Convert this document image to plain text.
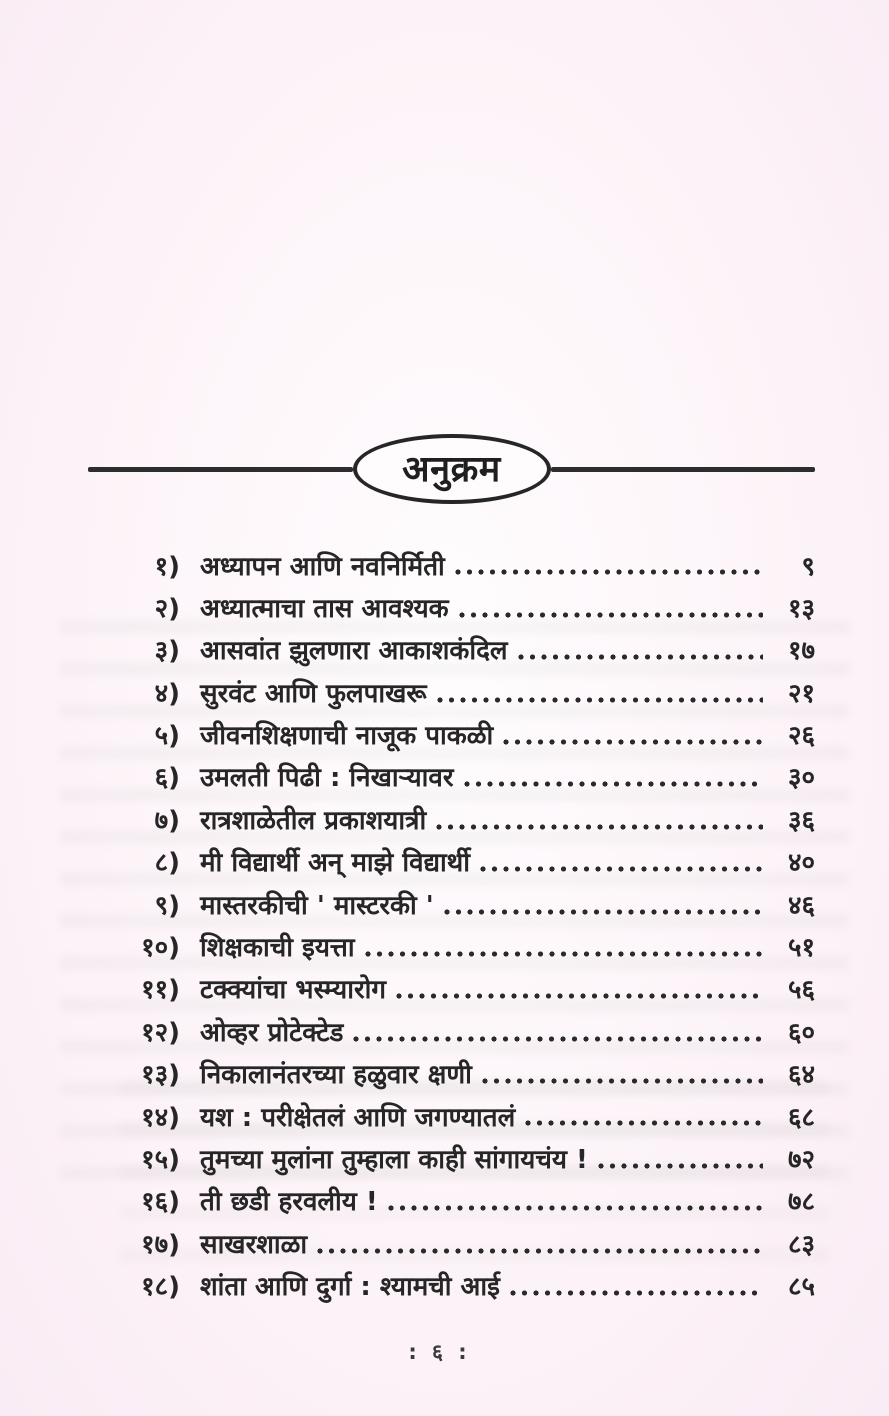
अनुक्रम
१) अध्यापन आणि नवनिर्मिती	९
२) अध्यात्माचा तास आवश्यक	१३
३) आसवांत झुलणारा आकाशकंदिल	१७
४) सुरवंट आणि फुलपाखरू	२१
५) जीवनशिक्षणाची नाजूक पाकळी	२६
६) उमलती पिढी : निखाऱ्यावर	३०
७) रात्रशाळेतील प्रकाशयात्री	३६
८) मी विद्यार्थी अन् माझे विद्यार्थी	४०
९) मास्तरकीची ' मास्टरकी '	४६
१०) शिक्षकाची इयत्ता	५१
११) टक्क्यांचा भस्म्यारोग	५६
१२) ओव्हर प्रोटेक्टेड	६०
१३) निकालानंतरच्या हळुवार क्षणी	६४
१४) यश : परीक्षेतलं आणि जगण्यातलं	६८
१५) तुमच्या मुलांना तुम्हाला काही सांगायचंय !	७२
१६) ती छडी हरवलीय !	७८
१७) साखरशाळा	८३
१८) शांता आणि दुर्गा : श्यामची आई	८५
: ६ :
